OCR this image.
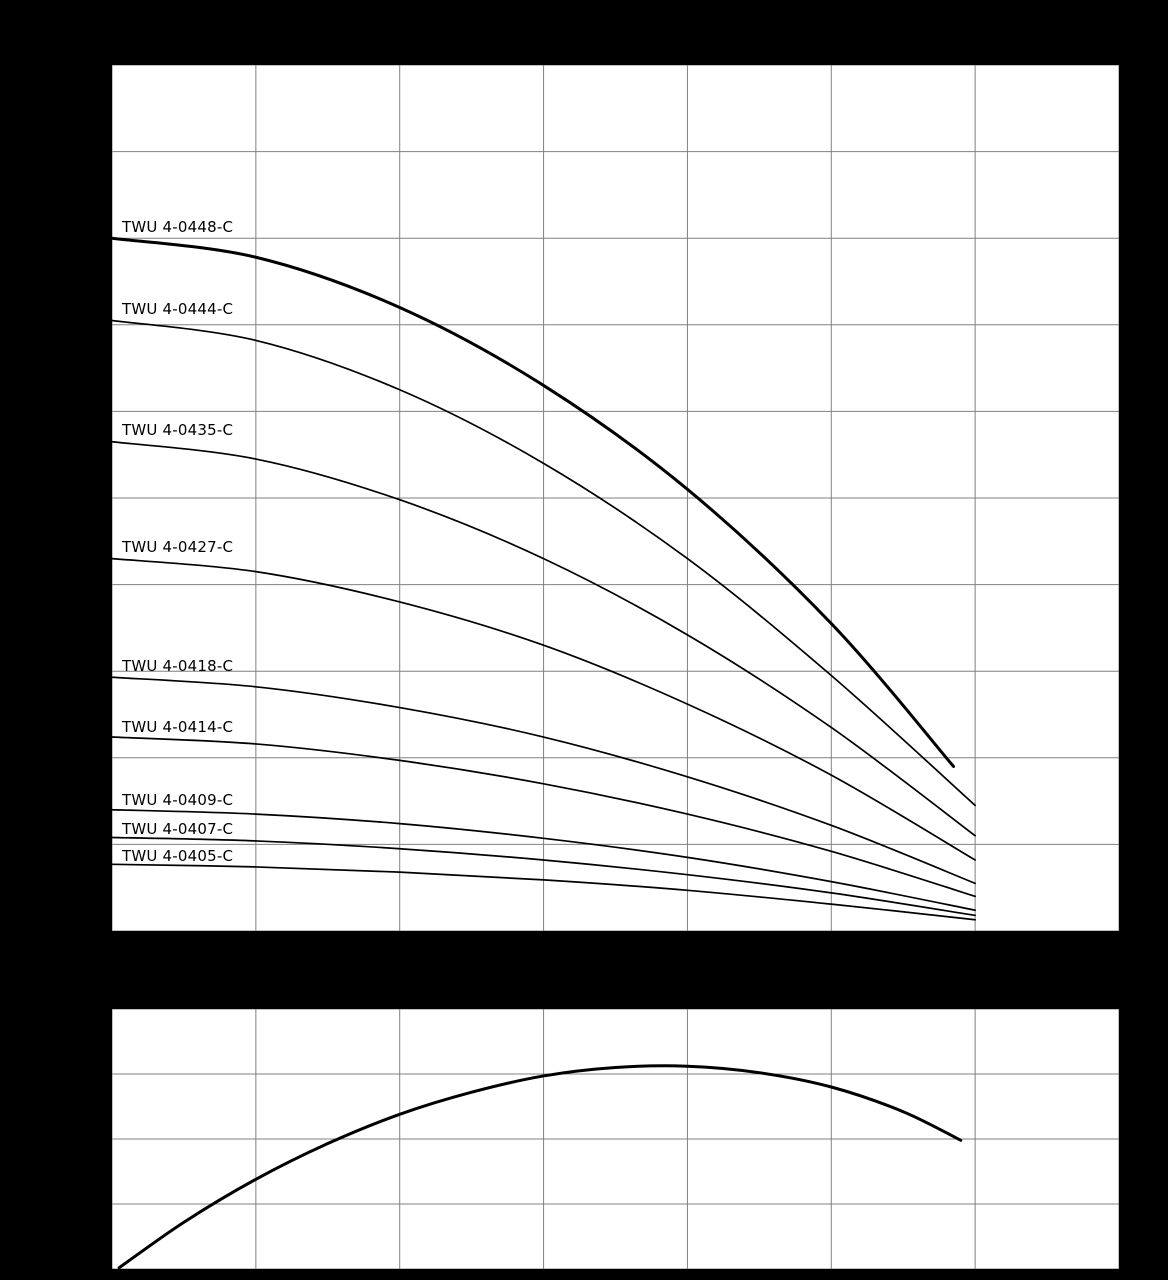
TWU 4-0448-C
TWU 4-0444-C
TWU 4-0435-C
TWU 4-0427-C
TWU 4-0418-C
TWU 4-0414-C
TWU 4-0409-C
TWU 4-0407-C
TWU 4-0405-C
